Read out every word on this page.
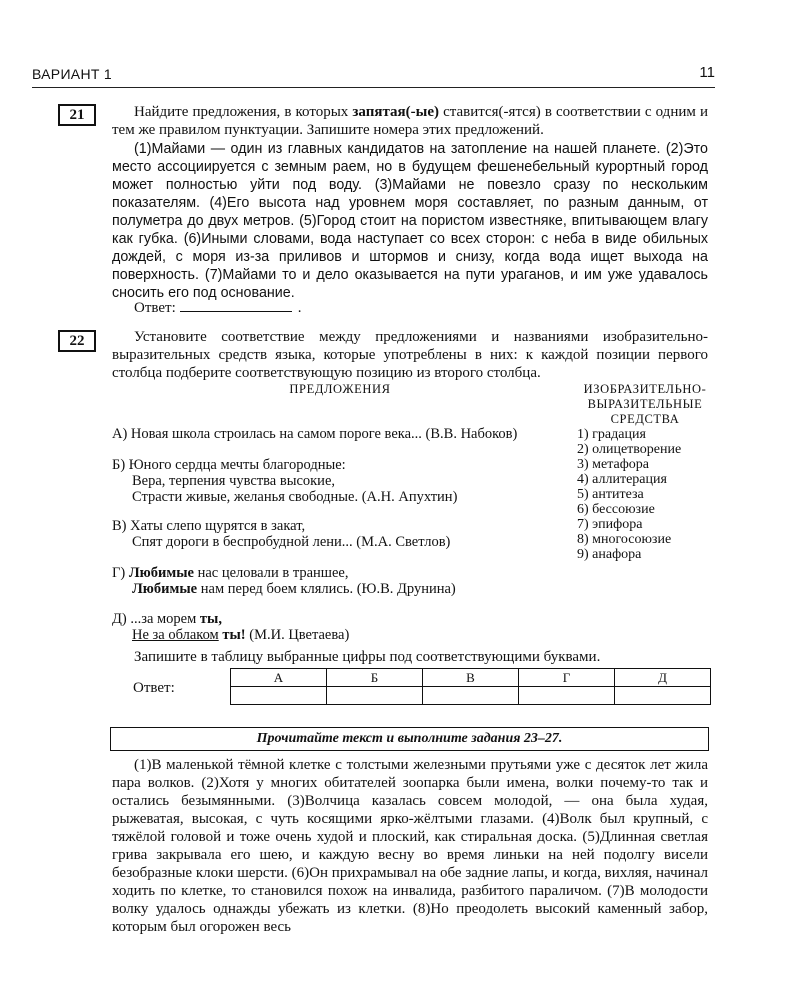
ВАРИАНТ 1	11
21	Найдите предложения, в которых запятая(-ые) ставится(-ятся) в соответствии с одним и тем же правилом пунктуации. Запишите номера этих предложений.

(1)Майами — один из главных кандидатов на затопление на нашей планете. (2)Это место ассоциируется с земным раем, но в будущем фешенебельный курортный город может полностью уйти под воду. (3)Майами не повезло сразу по нескольким показателям. (4)Его высота над уровнем моря составляет, по разным данным, от полуметра до двух метров. (5)Город стоит на пористом известняке, впитывающем влагу как губка. (6)Иными словами, вода наступает со всех сторон: с неба в виде обильных дождей, с моря из-за приливов и штормов и снизу, когда вода ищет выхода на поверхность. (7)Майами то и дело оказывается на пути ураганов, и им уже удавалось сносить его под основание.

Ответ:	.
22	Установите соответствие между предложениями и названиями изобразительно-выразительных средств языка, которые употреблены в них: к каждой позиции первого столбца подберите соответствующую позицию из второго столбца.

ПРЕДЛОЖЕНИЯ	ИЗОБРАЗИТЕЛЬНО-
ВЫРАЗИТЕЛЬНЫЕ
СРЕДСТВА
А) Новая школа строилась на самом пороге века... (В.В. Набоков)
Б) Юного сердца мечты благородные:
Вера, терпения чувства высокие,
Страсти живые, желанья свободные. (А.Н. Апухтин)
В) Хаты слепо щурятся в закат,
Спят дороги в беспробудной лени... (М.А. Светлов)
Г) Любимые нас целовали в траншее,
Любимые нам перед боем клялись. (Ю.В. Друнина)
Д) ...за морем ты,
Не за облаком ты! (М.И. Цветаева)
1) градация
2) олицетворение
3) метафора
4) аллитерация
5) антитеза
6) бессоюзие
7) эпифора
8) многосоюзие
9) анафора
Запишите в таблицу выбранные цифры под соответствующими буквами.
Ответ:
А	Б	В	Г	Д

Прочитайте текст и выполните задания 23–27.

(1)В маленькой тёмной клетке с толстыми железными прутьями уже с десяток лет жила пара волков. (2)Хотя у многих обитателей зоопарка были имена, волки почему-то так и остались безымянными. (3)Волчица казалась совсем молодой, — она была худая, рыжеватая, высокая, с чуть косящими ярко-жёлтыми глазами. (4)Волк был крупный, с тяжёлой головой и тоже очень худой и плоский, как стиральная доска. (5)Длинная светлая грива закрывала его шею, и каждую весну во время линьки на ней подолгу висели безобразные клоки шерсти. (6)Он прихрамывал на обе задние лапы, и когда, вихляя, начинал ходить по клетке, то становился похож на инвалида, разбитого параличом. (7)В молодости волку удалось однажды убежать из клетки. (8)Но преодолеть высокий каменный забор, которым был огорожен весь
